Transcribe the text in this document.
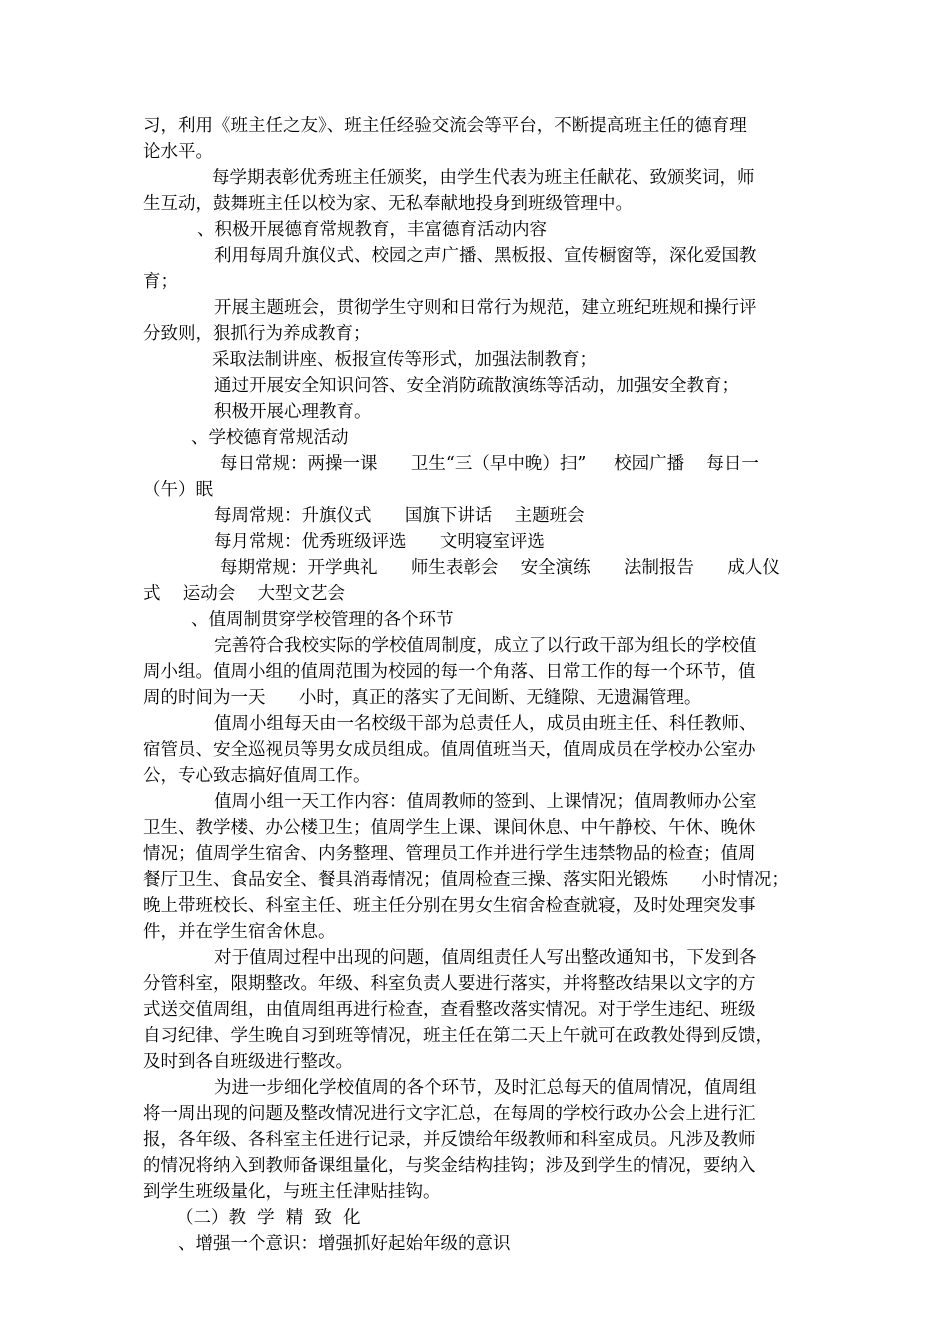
习，利用《班主任之友》、班主任经验交流会等平台，不断提高班主任的德育理

论水平。

每学期表彰优秀班主任颁奖，由学生代表为班主任献花、致颁奖词，师

生互动，鼓舞班主任以校为家、无私奉献地投身到班级管理中。

、积极开展德育常规教育，丰富德育活动内容

利用每周升旗仪式、校园之声广播、黑板报、宣传橱窗等，深化爱国教

育；

开展主题班会，贯彻学生守则和日常行为规范，建立班纪班规和操行评

分致则，狠抓行为养成教育；

采取法制讲座、板报宣传等形式，加强法制教育；

通过开展安全知识问答、安全消防疏散演练等活动，加强安全教育；

积极开展心理教育。

、学校德育常规活动

每日常规：两操一课      卫生“三（早中晚）扫”     校园广播    每日一

（午）眠

每周常规：升旗仪式      国旗下讲话    主题班会

每月常规：优秀班级评选      文明寝室评选

每期常规：开学典礼      师生表彰会    安全演练      法制报告      成人仪

式    运动会    大型文艺会

、值周制贯穿学校管理的各个环节

完善符合我校实际的学校值周制度，成立了以行政干部为组长的学校值

周小组。值周小组的值周范围为校园的每一个角落、日常工作的每一个环节，值

周的时间为一天      小时，真正的落实了无间断、无缝隙、无遗漏管理。

值周小组每天由一名校级干部为总责任人，成员由班主任、科任教师、

宿管员、安全巡视员等男女成员组成。值周值班当天，值周成员在学校办公室办

公，专心致志搞好值周工作。

值周小组一天工作内容：值周教师的签到、上课情况；值周教师办公室

卫生、教学楼、办公楼卫生；值周学生上课、课间休息、中午静校、午休、晚休

情况；值周学生宿舍、内务整理、管理员工作并进行学生违禁物品的检查；值周

餐厅卫生、食品安全、餐具消毒情况；值周检查三操、落实阳光锻炼      小时情况；

晚上带班校长、科室主任、班主任分别在男女生宿舍检查就寝，及时处理突发事

件，并在学生宿舍休息。

对于值周过程中出现的问题，值周组责任人写出整改通知书，下发到各

分管科室，限期整改。年级、科室负责人要进行落实，并将整改结果以文字的方

式送交值周组，由值周组再进行检查，查看整改落实情况。对于学生违纪、班级

自习纪律、学生晚自习到班等情况，班主任在第二天上午就可在政教处得到反馈，

及时到各自班级进行整改。

为进一步细化学校值周的各个环节，及时汇总每天的值周情况，值周组

将一周出现的问题及整改情况进行文字汇总，在每周的学校行政办公会上进行汇

报，各年级、各科室主任进行记录，并反馈给年级教师和科室成员。凡涉及教师

的情况将纳入到教师备课组量化，与奖金结构挂钩；涉及到学生的情况，要纳入

到学生班级量化，与班主任津贴挂钩。

（二）教  学  精  致  化

、增强一个意识：增强抓好起始年级的意识
